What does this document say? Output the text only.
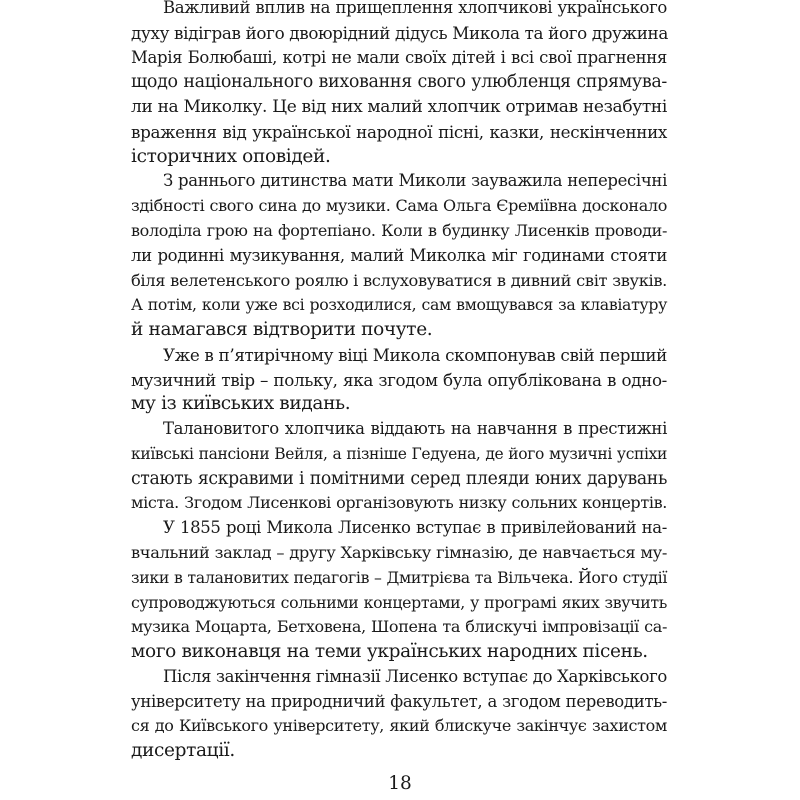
Важливий вплив на прищеплення хлопчикові українського
духу відіграв його двоюрідний дідусь Микола та його дружина
Марія Болюбаші, котрі не мали своїх дітей і всі свої прагнення
щодо національного виховання свого улюбленця спрямува-
ли на Миколку. Це від них малий хлопчик отримав незабутні
враження від української народної пісні, казки, нескінченних
історичних оповідей.
З раннього дитинства мати Миколи зауважила непересічні
здібності свого сина до музики. Сама Ольга Єреміївна досконало
володіла грою на фортепіано. Коли в будинку Лисенків проводи-
ли родинні музикування, малий Миколка міг годинами стояти
біля велетенського роялю і вслуховуватися в дивний світ звуків.
А потім, коли уже всі розходилися, сам вмощувався за клавіатуру
й намагався відтворити почуте.
Уже в п’ятирічному віці Микола скомпонував свій перший
музичний твір – польку, яка згодом була опублікована в одно-
му із київських видань.
Талановитого хлопчика віддають на навчання в престижні
київські пансіони Вейля, а пізніше Гедуена, де його музичні успіхи
стають яскравими і помітними серед плеяди юних дарувань
міста. Згодом Лисенкові організовують низку сольних концертів.
У 1855 році Микола Лисенко вступає в привілейований на-
вчальний заклад – другу Харківську гімназію, де навчається му-
зики в талановитих педагогів – Дмитрієва та Вільчека. Його студії
супроводжуються сольними концертами, у програмі яких звучить
музика Моцарта, Бетховена, Шопена та блискучі імпровізації са-
мого виконавця на теми українських народних пісень.
Після закінчення гімназії Лисенко вступає до Харківського
університету на природничий факультет, а згодом переводить-
ся до Київського університету, який блискуче закінчує захистом
дисертації.
18
